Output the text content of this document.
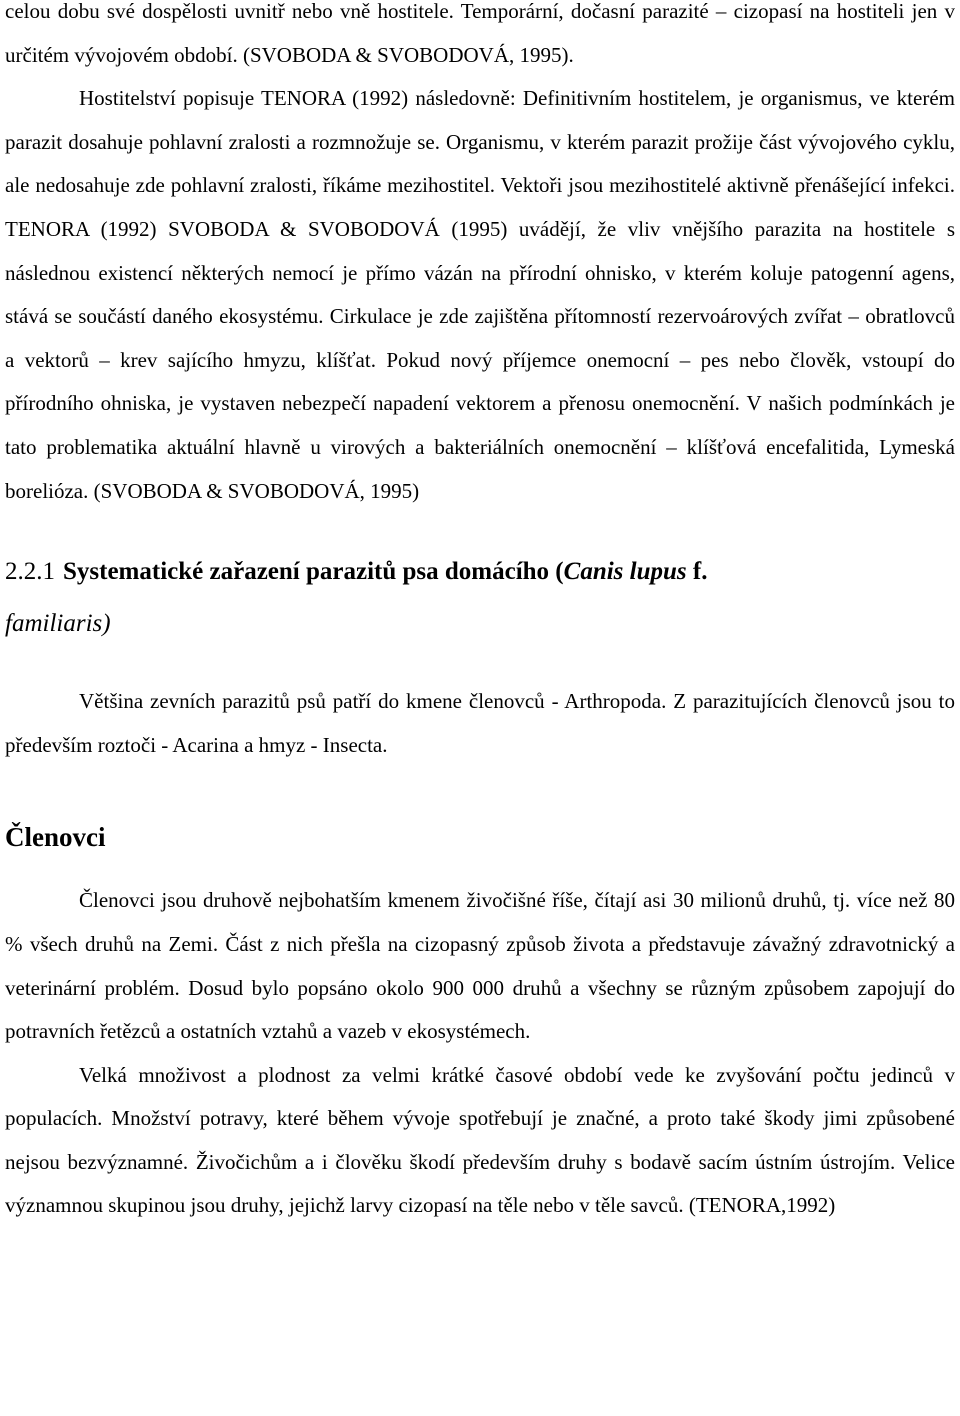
celou dobu své dospělosti uvnitř nebo vně hostitele. Temporární, dočasní parazité – cizopasí na hostiteli jen v určitém vývojovém období. (SVOBODA & SVOBODOVÁ, 1995).

Hostitelství popisuje TENORA (1992) následovně: Definitivním hostitelem, je organismus, ve kterém parazit dosahuje pohlavní zralosti a rozmnožuje se. Organismu, v kterém parazit prožije část vývojového cyklu, ale nedosahuje zde pohlavní zralosti, říkáme mezihostitel. Vektoři jsou mezihostitelé aktivně přenášející infekci. TENORA (1992) SVOBODA & SVOBODOVÁ (1995) uvádějí, že vliv vnějšího parazita na hostitele s následnou existencí některých nemocí je přímo vázán na přírodní ohnisko, v kterém koluje patogenní agens, stává se součástí daného ekosystému. Cirkulace je zde zajištěna přítomností rezervoárových zvířat – obratlovců a vektorů – krev sajícího hmyzu, klíšťat. Pokud nový příjemce onemocní – pes nebo člověk, vstoupí do přírodního ohniska, je vystaven nebezpečí napadení vektorem a přenosu onemocnění. V našich podmínkách je tato problematika aktuální hlavně u virových a bakteriálních onemocnění – klíšťová encefalitida, Lymeská borelióza. (SVOBODA & SVOBODOVÁ, 1995)

2.2.1 Systematické zařazení parazitů psa domácího (Canis lupus f.
familiaris)

Většina zevních parazitů psů patří do kmene členovců - Arthropoda. Z parazitujících členovců jsou to především roztoči - Acarina a hmyz - Insecta.

Členovci

Členovci jsou druhově nejbohatším kmenem živočišné říše, čítají asi 30 milionů druhů, tj. více než 80 % všech druhů na Zemi. Část z nich přešla na cizopasný způsob života a představuje závažný zdravotnický a veterinární problém. Dosud bylo popsáno okolo 900 000 druhů a všechny se různým způsobem zapojují do potravních řetězců a ostatních vztahů a vazeb v ekosystémech.

Velká množivost a plodnost za velmi krátké časové období vede ke zvyšování počtu jedinců v populacích. Množství potravy, které během vývoje spotřebují je značné, a proto také škody jimi způsobené nejsou bezvýznamné. Živočichům a i člověku škodí především druhy s bodavě sacím ústním ústrojím. Velice významnou skupinou jsou druhy, jejichž larvy cizopasí na těle nebo v těle savců. (TENORA,1992)
